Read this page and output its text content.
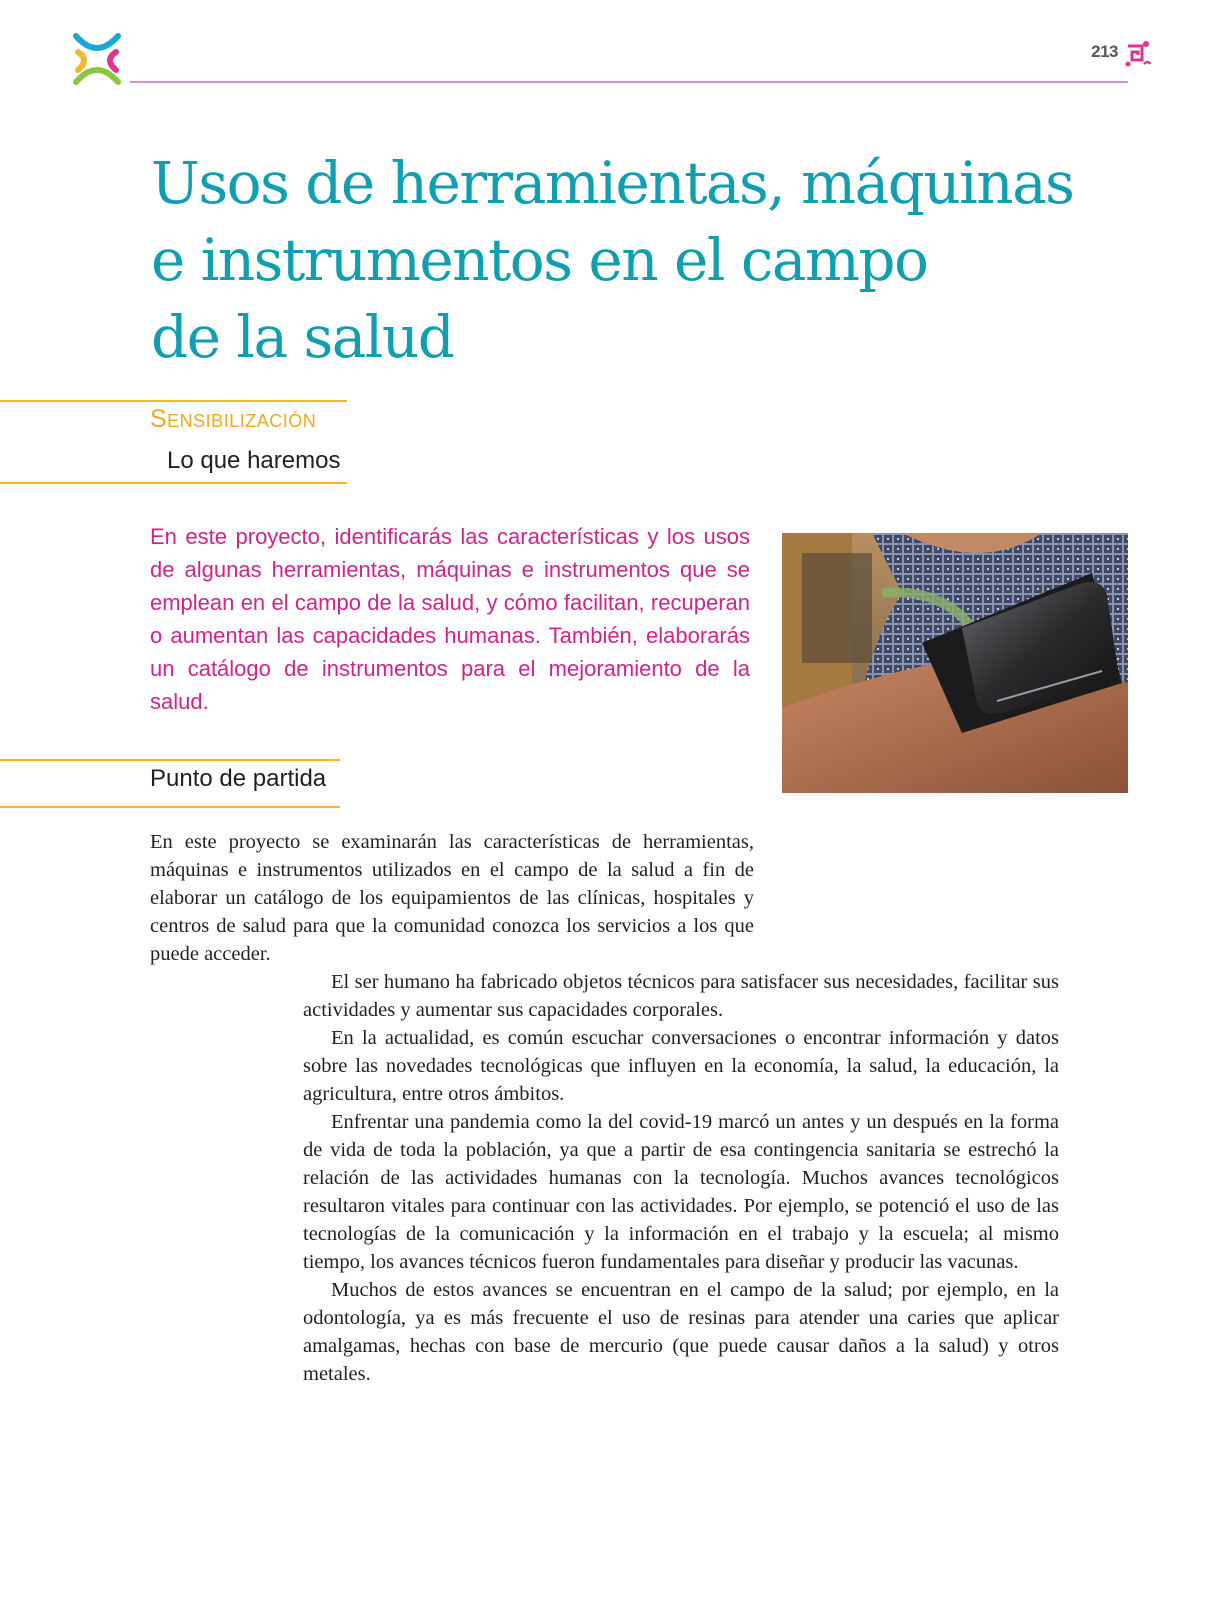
213
Usos de herramientas, máquinas
e instrumentos en el campo
de la salud
Sensibilización
Lo que haremos

En este proyecto, identificarás las características y los usos de algunas herramientas, máquinas e instrumentos que se emplean en el campo de la salud, y cómo facilitan, recuperan o aumentan las capacidades humanas. También, elaborarás un catálogo de instrumentos para el mejoramiento de la salud.

Punto de partida

En este proyecto se examinarán las características de herramientas, máquinas e instrumentos utilizados en el campo de la salud a fin de elaborar un catálogo de los equipamientos de las clínicas, hospitales y centros de salud para que la comunidad conozca los servicios a los que puede acceder.

El ser humano ha fabricado objetos técnicos para satisfacer sus necesidades, facilitar sus actividades y aumentar sus capacidades corporales.

En la actualidad, es común escuchar conversaciones o encontrar información y datos sobre las novedades tecnológicas que influyen en la economía, la salud, la educación, la agricultura, entre otros ámbitos.

Enfrentar una pandemia como la del covid-19 marcó un antes y un después en la forma de vida de toda la población, ya que a partir de esa contingencia sanitaria se estrechó la relación de las actividades humanas con la tecnología. Muchos avances tecnológicos resultaron vitales para continuar con las actividades. Por ejemplo, se potenció el uso de las tecnologías de la comunicación y la información en el trabajo y la escuela; al mismo tiempo, los avances técnicos fueron fundamentales para diseñar y producir las vacunas.

Muchos de estos avances se encuentran en el campo de la salud; por ejemplo, en la odontología, ya es más frecuente el uso de resinas para atender una caries que aplicar amalgamas, hechas con base de mercurio (que puede causar daños a la salud) y otros metales.
